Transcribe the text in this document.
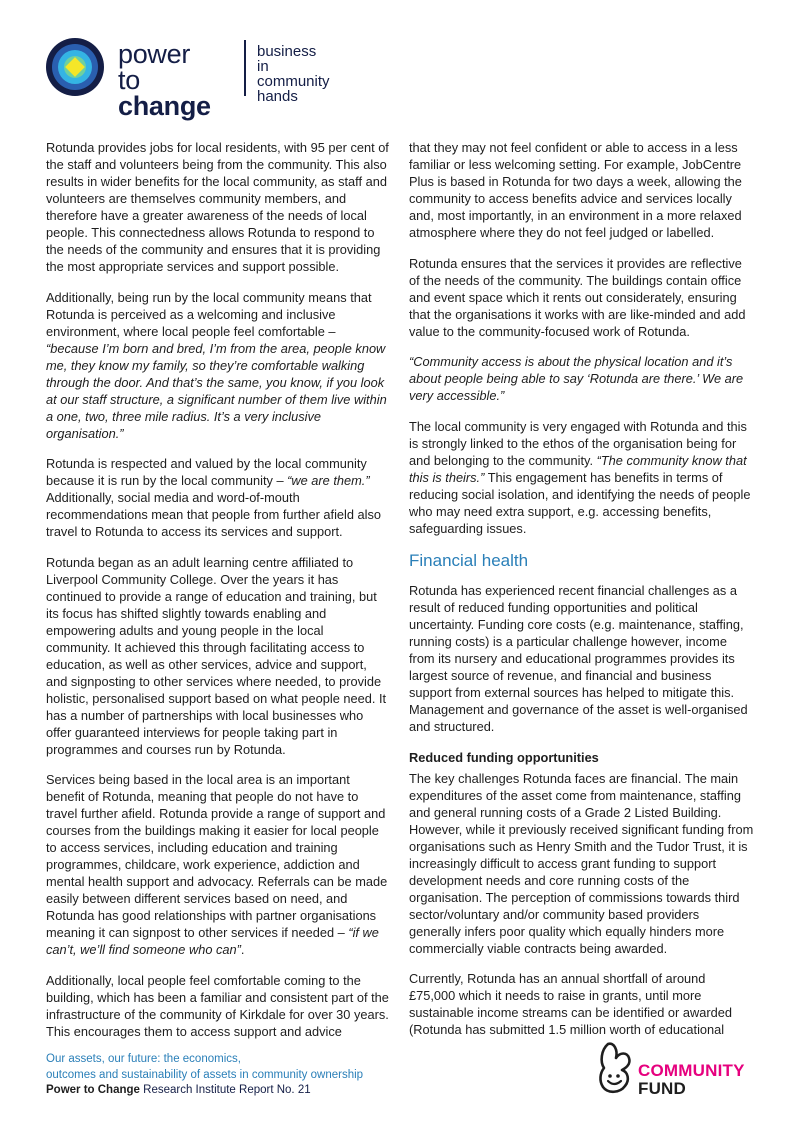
power to
change
business in
community
hands

Rotunda provides jobs for local residents, with 95 per cent of the staff and volunteers being from the community. This also results in wider benefits for the local community, as staff and volunteers are themselves community members, and therefore have a greater awareness of the needs of local people. This connectedness allows Rotunda to respond to the needs of the community and ensures that it is providing the most appropriate services and support possible.

Additionally, being run by the local community means that Rotunda is perceived as a welcoming and inclusive environment, where local people feel comfortable – “because I’m born and bred, I’m from the area, people know me, they know my family, so they’re comfortable walking through the door. And that’s the same, you know, if you look at our staff structure, a significant number of them live within a one, two, three mile radius. It’s a very inclusive organisation.”

Rotunda is respected and valued by the local community because it is run by the local community – “we are them.” Additionally, social media and word-of-mouth recommendations mean that people from further afield also travel to Rotunda to access its services and support.

Rotunda began as an adult learning centre affiliated to Liverpool Community College. Over the years it has continued to provide a range of education and training, but its focus has shifted slightly towards enabling and empowering adults and young people in the local community. It achieved this through facilitating access to education, as well as other services, advice and support, and signposting to other services where needed, to provide holistic, personalised support based on what people need. It has a number of partnerships with local businesses who offer guaranteed interviews for people taking part in programmes and courses run by Rotunda.

Services being based in the local area is an important benefit of Rotunda, meaning that people do not have to travel further afield. Rotunda provide a range of support and courses from the buildings making it easier for local people to access services, including education and training programmes, childcare, work experience, addiction and mental health support and advocacy. Referrals can be made easily between different services based on need, and Rotunda has good relationships with partner organisations meaning it can signpost to other services if needed – “if we can’t, we’ll find someone who can”.

Additionally, local people feel comfortable coming to the building, which has been a familiar and consistent part of the infrastructure of the community of Kirkdale for over 30 years. This encourages them to access support and advice

that they may not feel confident or able to access in a less familiar or less welcoming setting. For example, JobCentre Plus is based in Rotunda for two days a week, allowing the community to access benefits advice and services locally and, most importantly, in an environment in a more relaxed atmosphere where they do not feel judged or labelled.

Rotunda ensures that the services it provides are reflective of the needs of the community. The buildings contain office and event space which it rents out considerately, ensuring that the organisations it works with are like-minded and add value to the community-focused work of Rotunda.

“Community access is about the physical location and it’s about people being able to say ‘Rotunda are there.’ We are very accessible.”

The local community is very engaged with Rotunda and this is strongly linked to the ethos of the organisation being for and belonging to the community. “The community know that this is theirs.” This engagement has benefits in terms of reducing social isolation, and identifying the needs of people who may need extra support, e.g. accessing benefits, safeguarding issues.

Financial health

Rotunda has experienced recent financial challenges as a result of reduced funding opportunities and political uncertainty. Funding core costs (e.g. maintenance, staffing, running costs) is a particular challenge however, income from its nursery and educational programmes provides its largest source of revenue, and financial and business support from external sources has helped to mitigate this. Management and governance of the asset is well-organised and structured.

Reduced funding opportunities

The key challenges Rotunda faces are financial. The main expenditures of the asset come from maintenance, staffing and general running costs of a Grade 2 Listed Building. However, while it previously received significant funding from organisations such as Henry Smith and the Tudor Trust, it is increasingly difficult to access grant funding to support development needs and core running costs of the organisation. The perception of commissions towards third sector/voluntary and/or community based providers generally infers poor quality which equally hinders more commercially viable contracts being awarded.

Currently, Rotunda has an annual shortfall of around £75,000 which it needs to raise in grants, until more sustainable income streams can be identified or awarded (Rotunda has submitted 1.5 million worth of educational

Our assets, our future: the economics,
outcomes and sustainability of assets in community ownership
Power to Change Research Institute Report No. 21
COMMUNITY
FUND
